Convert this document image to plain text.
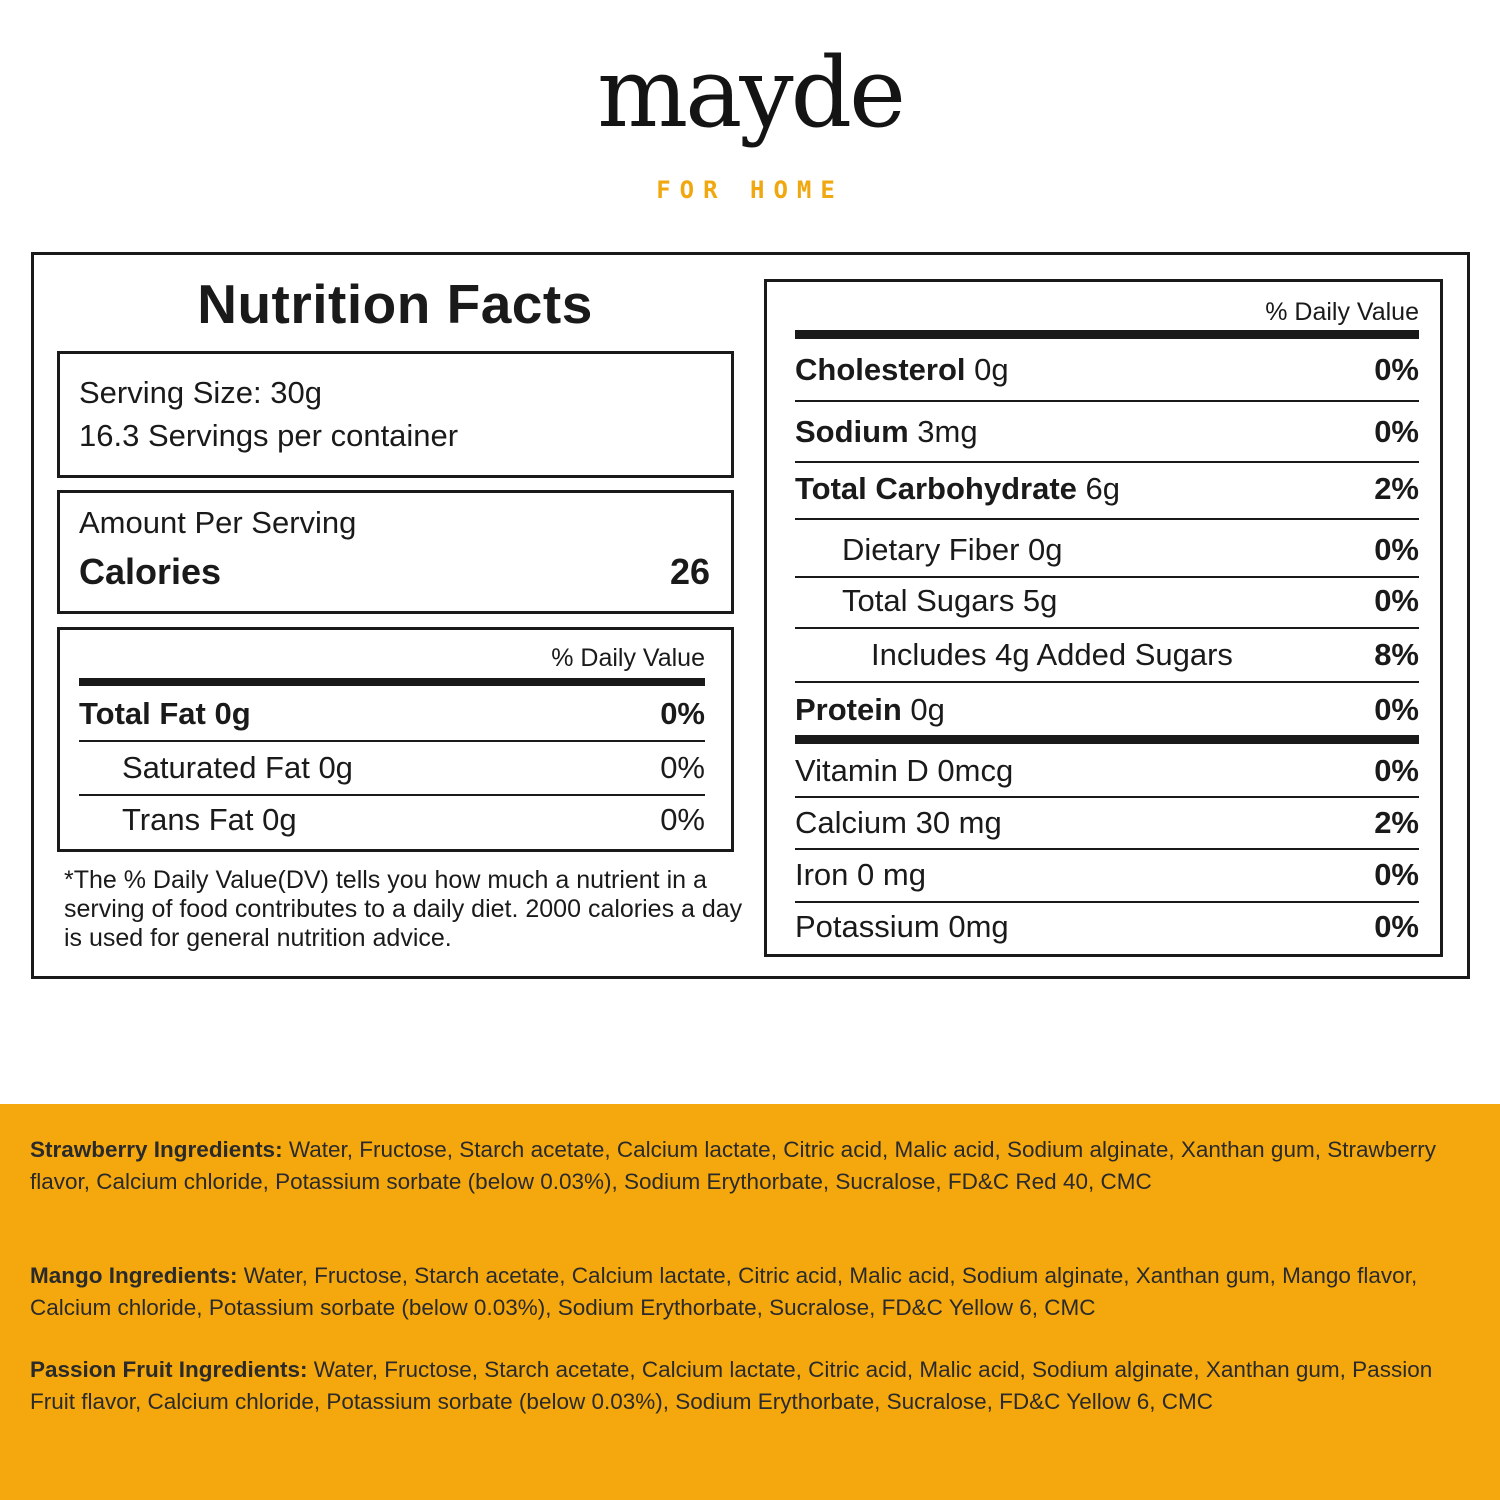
mayde
FOR HOME
Nutrition Facts
Serving Size: 30g
16.3 Servings per container
Amount Per Serving
Calories	26
% Daily Value
Total Fat 0g	0%
Saturated Fat 0g	0%
Trans Fat 0g	0%
*The % Daily Value(DV) tells you how much a nutrient in a serving of food contributes to a daily diet. 2000 calories a day is used for general nutrition advice.
% Daily Value
Cholesterol 0g	0%
Sodium 3mg	0%
Total Carbohydrate 6g	2%
Dietary Fiber 0g	0%
Total Sugars 5g	0%
Includes 4g Added Sugars	8%
Protein 0g	0%
Vitamin D 0mcg	0%
Calcium 30 mg	2%
Iron 0 mg	0%
Potassium 0mg	0%
Strawberry Ingredients: Water, Fructose, Starch acetate, Calcium lactate, Citric acid, Malic acid, Sodium alginate, Xanthan gum, Strawberry flavor, Calcium chloride, Potassium sorbate (below 0.03%), Sodium Erythorbate, Sucralose, FD&C Red 40, CMC
Mango Ingredients: Water, Fructose, Starch acetate, Calcium lactate, Citric acid, Malic acid, Sodium alginate, Xanthan gum, Mango flavor, Calcium chloride, Potassium sorbate (below 0.03%), Sodium Erythorbate, Sucralose, FD&C Yellow 6, CMC
Passion Fruit Ingredients: Water, Fructose, Starch acetate, Calcium lactate, Citric acid, Malic acid, Sodium alginate, Xanthan gum, Passion Fruit flavor, Calcium chloride, Potassium sorbate (below 0.03%), Sodium Erythorbate, Sucralose, FD&C Yellow 6, CMC
